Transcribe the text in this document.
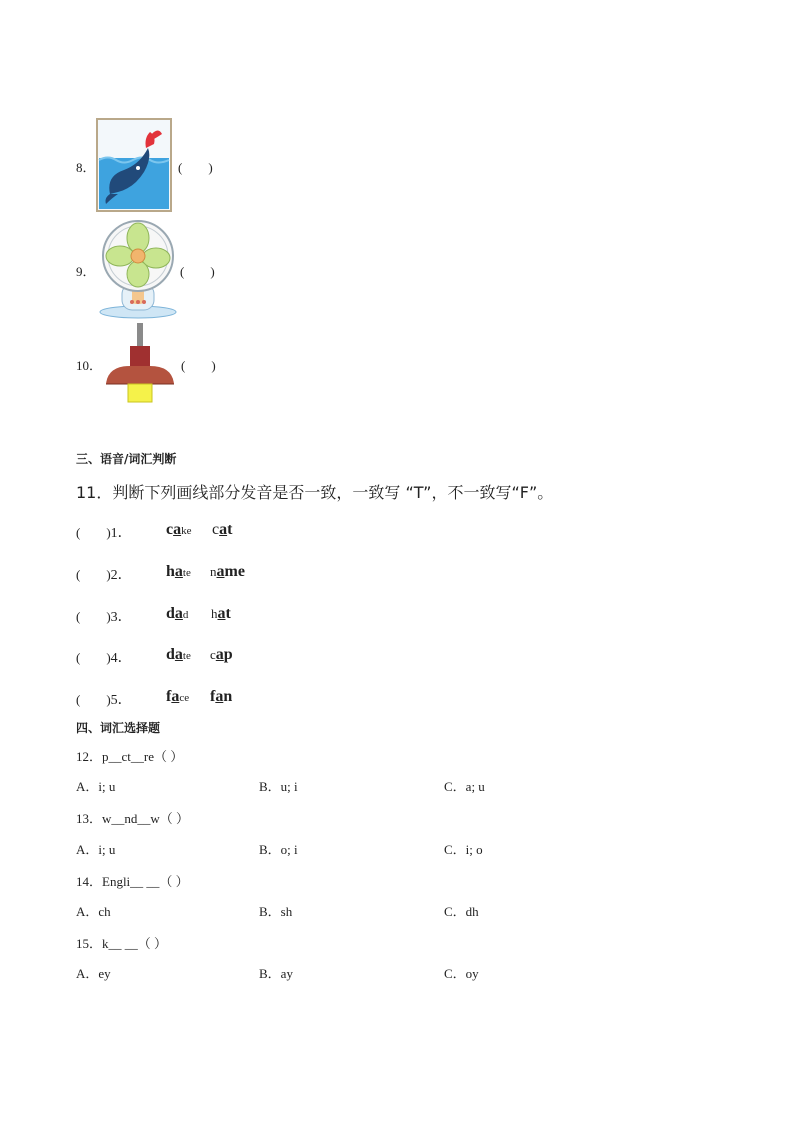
8．	(　　)
9．	(　　)
10．	(　　)
三、语音/词汇判断
11．判断下列画线部分发音是否一致，一致写 “T”，不一致写“F”。
(　　)1． cake cat
(　　)2． hate name
(　　)3． dad hat
(　　)4． date cap
(　　)5． face fan
四、词汇选择题
12．p__ct__re（ ）
A．i; u	B．u; i	C．a; u
13．w__nd__w（ ）
A．i; u	B．o; i	C．i; o
14．Engli__ __（ ）
A．ch	B．sh	C．dh
15．k__ __（ ）
A．ey	B．ay	C．oy
